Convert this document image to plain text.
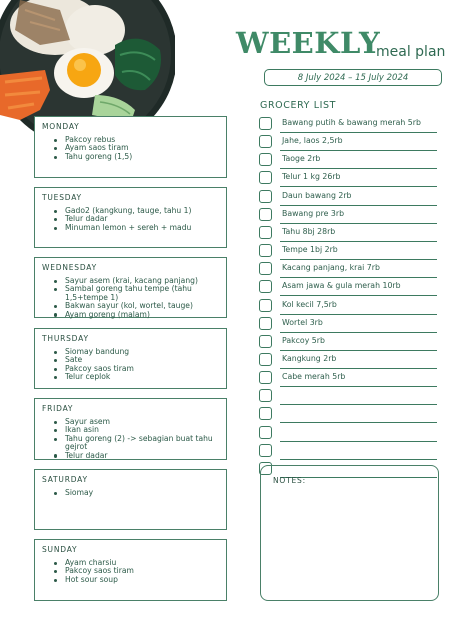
WEEKLY
meal plan
8 July 2024 – 15 July 2024
MONDAY
Pakcoy rebus
Ayam saos tiram
Tahu goreng (1,5)
TUESDAY
Gado2 (kangkung, tauge, tahu 1)
Telur dadar
Minuman lemon + sereh + madu
WEDNESDAY
Sayur asem (krai, kacang panjang)
Sambal goreng tahu tempe (tahu 1,5+tempe 1)
Bakwan sayur (kol, wortel, tauge)
Ayam goreng (malam)
THURSDAY
Siomay bandung
Sate
Pakcoy saos tiram
Telur ceplok
FRIDAY
Sayur asem
Ikan asin
Tahu goreng (2) -> sebagian buat tahu gejrot
Telur dadar
SATURDAY
Siomay
SUNDAY
Ayam charsiu
Pakcoy saos tiram
Hot sour soup
GROCERY LIST
Bawang putih & bawang merah 5rb
Jahe, laos 2,5rb
Taoge 2rb
Telur 1 kg 26rb
Daun bawang 2rb
Bawang pre 3rb
Tahu 8bj 28rb
Tempe 1bj 2rb
Kacang panjang, krai 7rb
Asam jawa & gula merah 10rb
Kol kecil 7,5rb
Wortel 3rb
Pakcoy 5rb
Kangkung 2rb
Cabe merah 5rb
NOTES:
